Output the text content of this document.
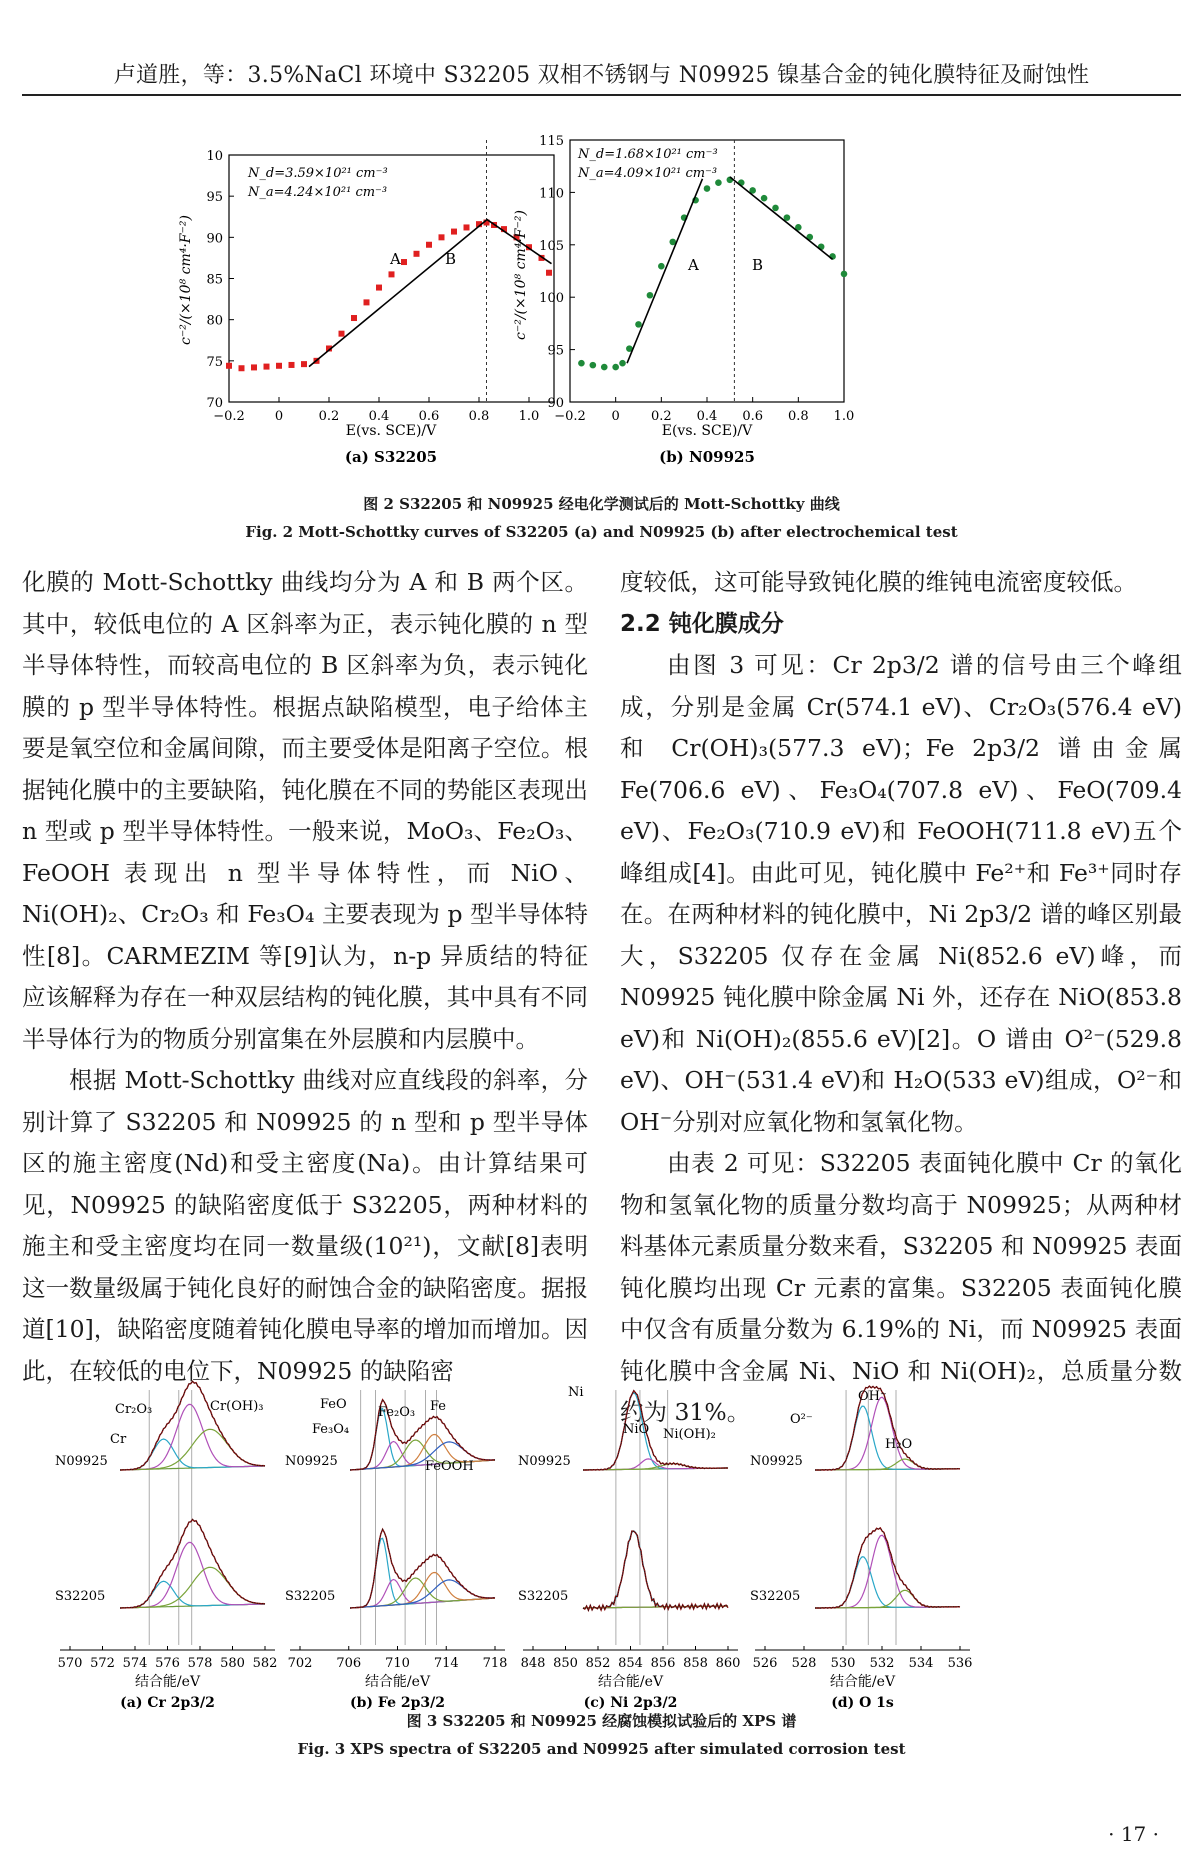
卢道胜，等：3.5%NaCl 环境中 S32205 双相不锈钢与 N09925 镍基合金的钝化膜特征及耐蚀性
−0.2 0	0.2 0.4 0.6 0.8 1.0
10
95
90
85
80
75
70
c⁻²/(×10⁸ cm⁴·F⁻²)
E(vs. SCE)/V
(a) S32205
N_d=3.59×10²¹ cm⁻³
N_a=4.24×10²¹ cm⁻³
A	B
−0.2 0 0.2 0.4 0.6 0.8 1.0
115
110
105
100
95
90
c⁻²/(×10⁸ cm⁴·F⁻²)
E(vs. SCE)/V
(b) N09925
N_d=1.68×10²¹ cm⁻³
N_a=4.09×10²¹ cm⁻³
A	B
图 2 S32205 和 N09925 经电化学测试后的 Mott-Schottky 曲线
Fig. 2 Mott-Schottky curves of S32205 (a) and N09925 (b) after electrochemical test

化膜的 Mott-Schottky 曲线均分为 A 和 B 两个区。其中，较低电位的 A 区斜率为正，表示钝化膜的 n 型半导体特性，而较高电位的 B 区斜率为负，表示钝化膜的 p 型半导体特性。根据点缺陷模型，电子给体主要是氧空位和金属间隙，而主要受体是阳离子空位。根据钝化膜中的主要缺陷，钝化膜在不同的势能区表现出 n 型或 p 型半导体特性。一般来说，MoO₃、Fe₂O₃、FeOOH 表现出 n 型半导体特性，而 NiO、Ni(OH)₂、Cr₂O₃ 和 Fe₃O₄ 主要表现为 p 型半导体特性[8]。CARMEZIM 等[9]认为，n-p 异质结的特征应该解释为存在一种双层结构的钝化膜，其中具有不同半导体行为的物质分别富集在外层膜和内层膜中。

根据 Mott-Schottky 曲线对应直线段的斜率，分别计算了 S32205 和 N09925 的 n 型和 p 型半导体区的施主密度(Nd)和受主密度(Na)。由计算结果可见，N09925 的缺陷密度低于 S32205，两种材料的施主和受主密度均在同一数量级(10²¹)，文献[8]表明这一数量级属于钝化良好的耐蚀合金的缺陷密度。据报道[10]，缺陷密度随着钝化膜电导率的增加而增加。因此，在较低的电位下，N09925 的缺陷密

度较低，这可能导致钝化膜的维钝电流密度较低。

2.2 钝化膜成分

由图 3 可见：Cr 2p3/2 谱的信号由三个峰组成，分别是金属 Cr(574.1 eV)、Cr₂O₃(576.4 eV)和 Cr(OH)₃(577.3 eV)；Fe 2p3/2 谱由金属 Fe(706.6 eV)、Fe₃O₄(707.8 eV)、FeO(709.4 eV)、Fe₂O₃(710.9 eV)和 FeOOH(711.8 eV)五个峰组成[4]。由此可见，钝化膜中 Fe²⁺和 Fe³⁺同时存在。在两种材料的钝化膜中，Ni 2p3/2 谱的峰区别最大，S32205 仅存在金属 Ni(852.6 eV)峰，而 N09925 钝化膜中除金属 Ni 外，还存在 NiO(853.8 eV)和 Ni(OH)₂(855.6 eV)[2]。O 谱由 O²⁻(529.8 eV)、OH⁻(531.4 eV)和 H₂O(533 eV)组成，O²⁻和 OH⁻分别对应氧化物和氢氧化物。

由表 2 可见：S32205 表面钝化膜中 Cr 的氧化物和氢氧化物的质量分数均高于 N09925；从两种材料基体元素质量分数来看，S32205 和 N09925 表面钝化膜均出现 Cr 元素的富集。S32205 表面钝化膜中仅含有质量分数为 6.19%的 Ni，而 N09925 表面钝化膜中含金属 Ni、NiO 和 Ni(OH)₂，总质量分数约为 31%。

570 572 574 576 578 580 582
结合能/eV
(a) Cr 2p3/2
N09925
S32205
Cr
Cr₂O₃	Cr(OH)₃
702 706 710 714 718
结合能/eV
(b) Fe 2p3/2
N09925
S32205
Fe₃O₄
FeO
Fe₂O₃ Fe
FeOOH
848 850 852 854 856 858 860
结合能/eV
(c) Ni 2p3/2
N09925
S32205
Ni
NiO Ni(OH)₂
526 528 530 532 534 536
结合能/eV
(d) O 1s
N09925
S32205
O²⁻
OH⁻
H₂O
图 3 S32205 和 N09925 经腐蚀模拟试验后的 XPS 谱
Fig. 3 XPS spectra of S32205 and N09925 after simulated corrosion test
· 17 ·
